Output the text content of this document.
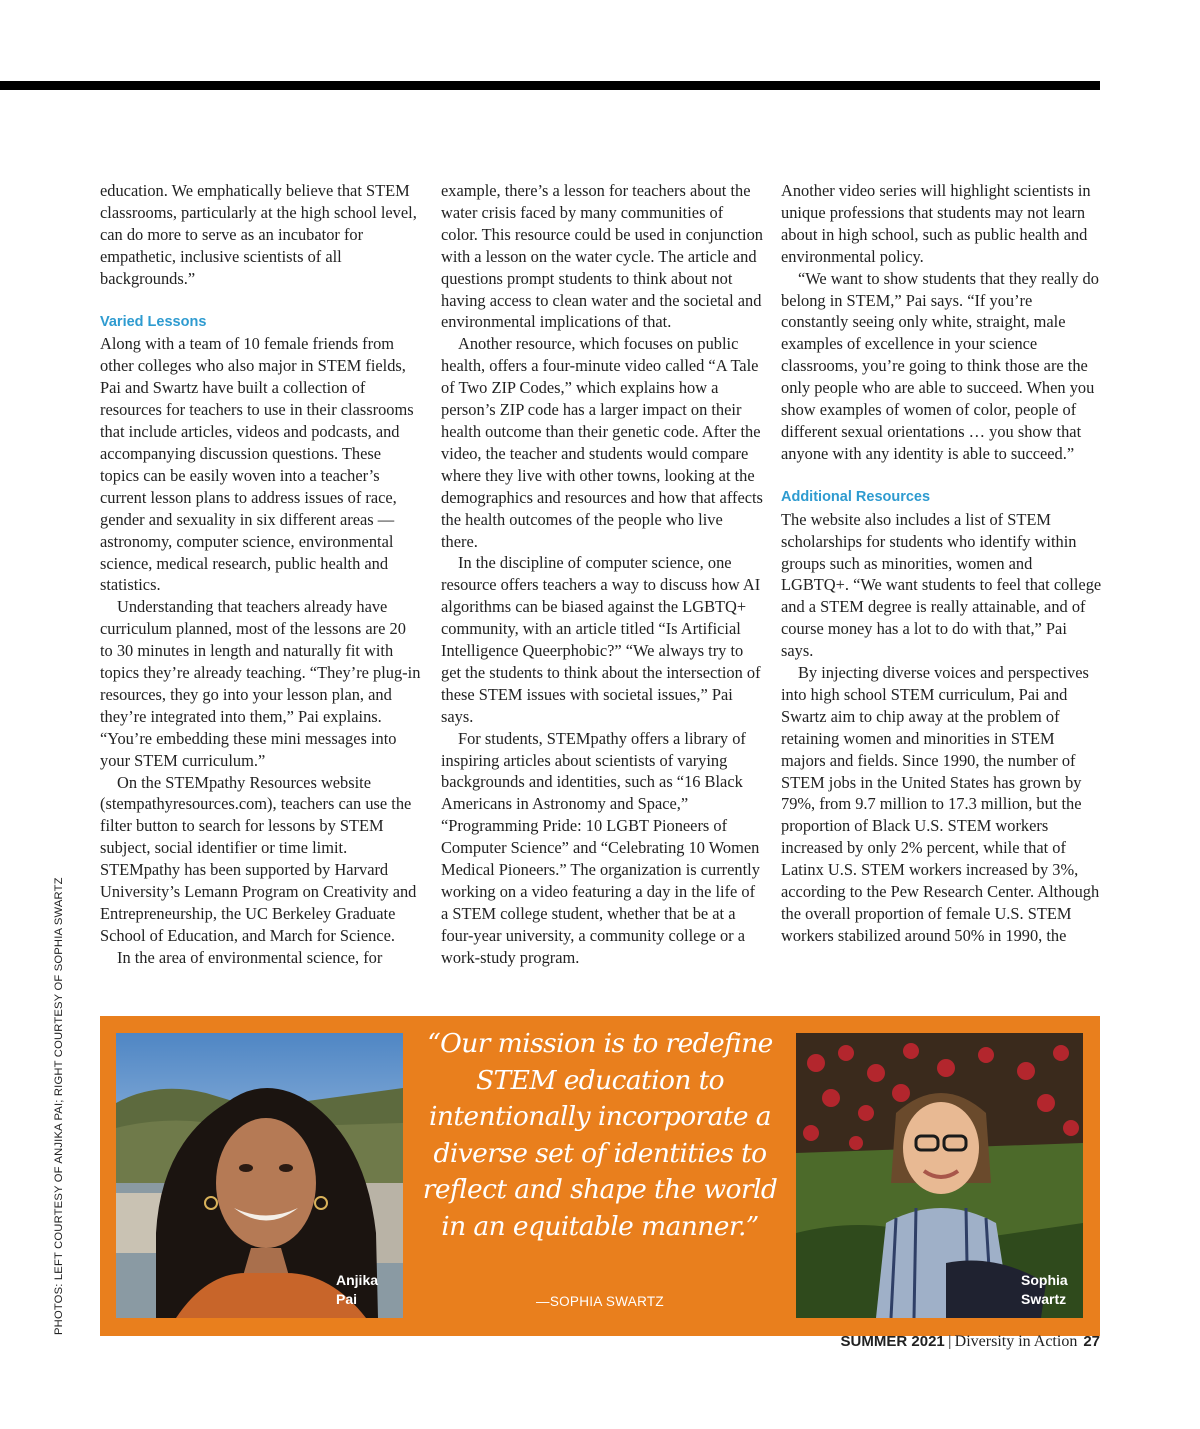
education. We emphatically believe that STEM classrooms, particularly at the high school level, can do more to serve as an incubator for empathetic, inclusive scientists of all backgrounds.”

Varied Lessons

Along with a team of 10 female friends from other colleges who also major in STEM fields, Pai and Swartz have built a collection of resources for teachers to use in their classrooms that include articles, videos and podcasts, and accompanying discussion questions. These topics can be easily woven into a teacher’s current lesson plans to address issues of race, gender and sexuality in six different areas — astronomy, computer science, environmental science, medical research, public health and statistics.

Understanding that teachers already have curriculum planned, most of the lessons are 20 to 30 minutes in length and naturally fit with topics they’re already teaching. “They’re plug-in resources, they go into your lesson plan, and they’re integrated into them,” Pai explains. “You’re embedding these mini messages into your STEM curriculum.”

On the STEMpathy Resources website (stempathyresources.com), teachers can use the filter button to search for lessons by STEM subject, social identifier or time limit. STEMpathy has been supported by Harvard University’s Lemann Program on Creativity and Entrepreneurship, the UC Berkeley Graduate School of Education, and March for Science.

In the area of environmental science, for

example, there’s a lesson for teachers about the water crisis faced by many communities of color. This resource could be used in conjunction with a lesson on the water cycle. The article and questions prompt students to think about not having access to clean water and the societal and environmental implications of that.

Another resource, which focuses on public health, offers a four-minute video called “A Tale of Two ZIP Codes,” which explains how a person’s ZIP code has a larger impact on their health outcome than their genetic code. After the video, the teacher and students would compare where they live with other towns, looking at the demographics and resources and how that affects the health outcomes of the people who live there.

In the discipline of computer science, one resource offers teachers a way to discuss how AI algorithms can be biased against the LGBTQ+ community, with an article titled “Is Artificial Intelligence Queerphobic?” “We always try to get the students to think about the intersection of these STEM issues with societal issues,” Pai says.

For students, STEMpathy offers a library of inspiring articles about scientists of varying backgrounds and identities, such as “16 Black Americans in Astronomy and Space,” “Programming Pride: 10 LGBT Pioneers of Computer Science” and “Celebrating 10 Women Medical Pioneers.” The organization is currently working on a video featuring a day in the life of a STEM college student, whether that be at a four-year university, a community college or a work-study program.

Another video series will highlight scientists in unique professions that students may not learn about in high school, such as public health and environmental policy.

“We want to show students that they really do belong in STEM,” Pai says. “If you’re constantly seeing only white, straight, male examples of excellence in your science classrooms, you’re going to think those are the only people who are able to succeed. When you show examples of women of color, people of different sexual orientations … you show that anyone with any identity is able to succeed.”

Additional Resources

The website also includes a list of STEM scholarships for students who identify within groups such as minorities, women and LGBTQ+. “We want students to feel that college and a STEM degree is really attainable, and of course money has a lot to do with that,” Pai says.

By injecting diverse voices and perspectives into high school STEM curriculum, Pai and Swartz aim to chip away at the problem of retaining women and minorities in STEM majors and fields. Since 1990, the number of STEM jobs in the United States has grown by 79%, from 9.7 million to 17.3 million, but the proportion of Black U.S. STEM workers increased by only 2% percent, while that of Latinx U.S. STEM workers increased by 3%, according to the Pew Research Center. Although the overall proportion of female U.S. STEM workers stabilized around 50% in 1990, the

PHOTOS: LEFT COURTESY OF ANJIKA PAI; RIGHT COURTESY OF SOPHIA SWARTZ	Anjika
Pai
“Our mission is to redefine STEM education to intentionally incorporate a diverse set of identities to reflect and shape the world in an equitable manner.”
—SOPHIA SWARTZ
Sophia
Swartz
SUMMER 2021 | Diversity in Action 27
